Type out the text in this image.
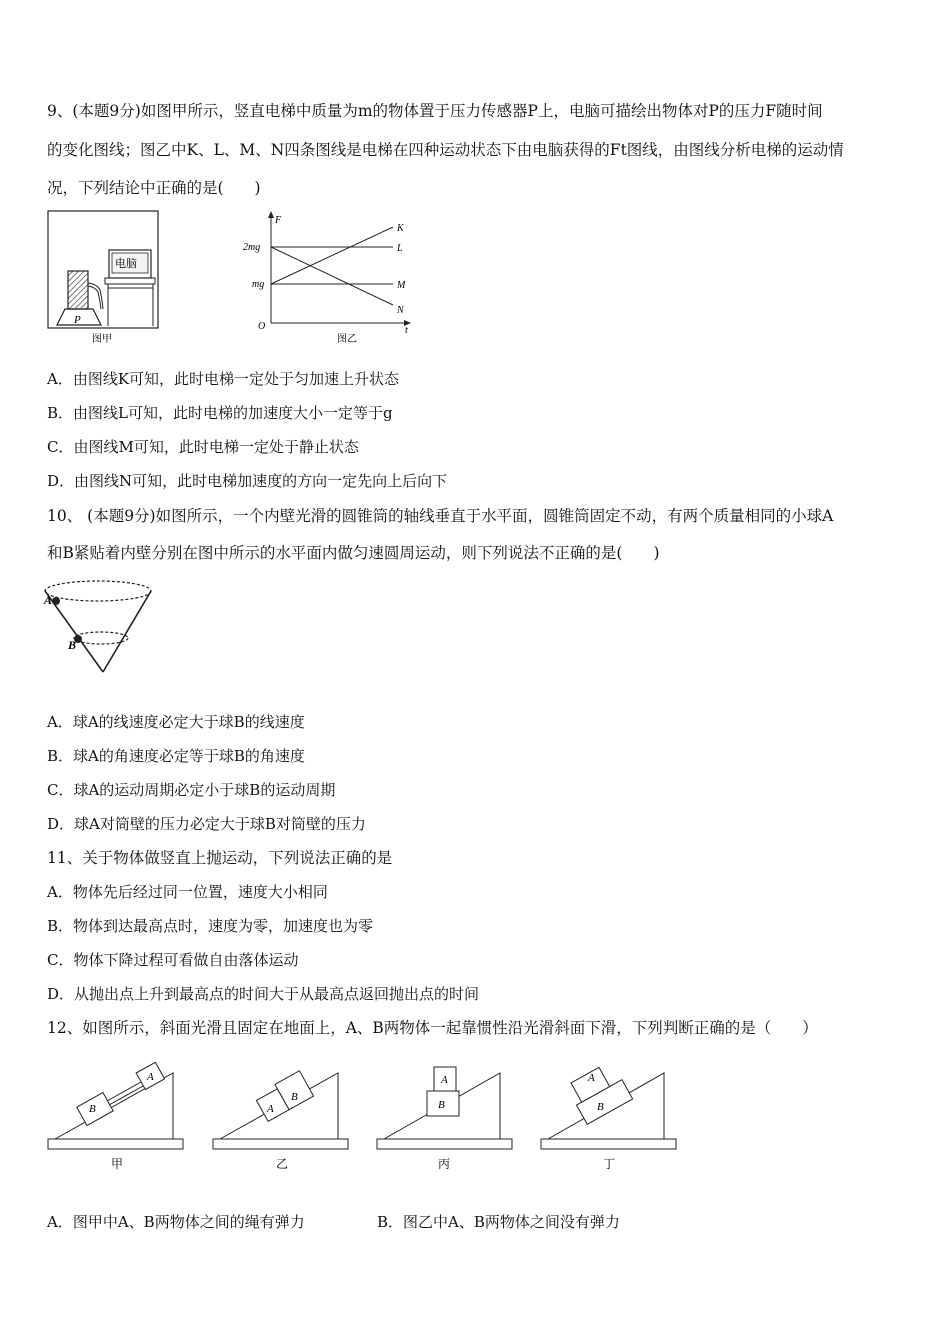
9、(本题9分)如图甲所示，竖直电梯中质量为m的物体置于压力传感器P上，电脑可描绘出物体对P的压力F随时间
的变化图线；图乙中K、L、M、N四条图线是电梯在四种运动状态下由电脑获得的Ft图线，由图线分析电梯的运动情
况，下列结论中正确的是(　　)
P
电脑
图甲
F
t
O
2mg
mg
K
L
M
N
图乙
A．由图线K可知，此时电梯一定处于匀加速上升状态
B．由图线L可知，此时电梯的加速度大小一定等于g
C．由图线M可知，此时电梯一定处于静止状态
D．由图线N可知，此时电梯加速度的方向一定先向上后向下
10、 (本题9分)如图所示，一个内壁光滑的圆锥筒的轴线垂直于水平面，圆锥筒固定不动，有两个质量相同的小球A
和B紧贴着内壁分别在图中所示的水平面内做匀速圆周运动，则下列说法不正确的是(　　)
A
B
A．球A的线速度必定大于球B的线速度
B．球A的角速度必定等于球B的角速度
C．球A的运动周期必定小于球B的运动周期
D．球A对筒壁的压力必定大于球B对筒壁的压力
11、关于物体做竖直上抛运动，下列说法正确的是
A．物体先后经过同一位置，速度大小相同
B．物体到达最高点时，速度为零，加速度也为零
C．物体下降过程可看做自由落体运动
D．从抛出点上升到最高点的时间大于从最高点返回抛出点的时间
12、如图所示，斜面光滑且固定在地面上，A、B两物体一起靠惯性沿光滑斜面下滑，下列判断正确的是（　　）
B
A
甲
A
B
乙
B
A
丙
B
A
丁
A．图甲中A、B两物体之间的绳有弹力	B．图乙中A、B两物体之间没有弹力
